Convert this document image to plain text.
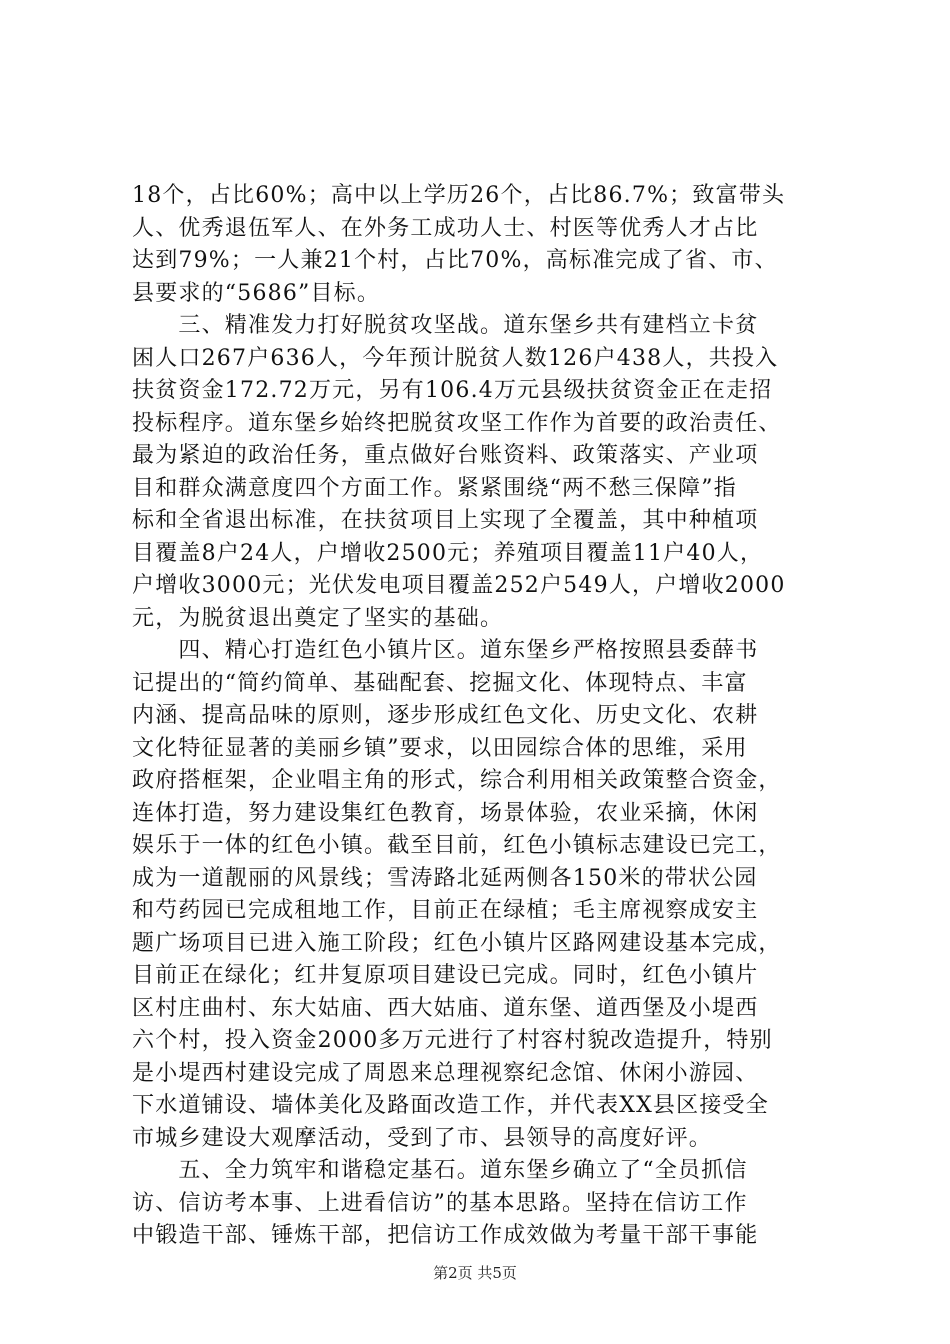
18个，占比60%；高中以上学历26个，占比86.7%；致富带头
人、优秀退伍军人、在外务工成功人士、村医等优秀人才占比
达到79%；一人兼21个村，占比70%，高标准完成了省、市、
县要求的“5686”目标。
　　三、精准发力打好脱贫攻坚战。道东堡乡共有建档立卡贫
困人口267户636人，今年预计脱贫人数126户438人，共投入
扶贫资金172.72万元，另有106.4万元县级扶贫资金正在走招
投标程序。道东堡乡始终把脱贫攻坚工作作为首要的政治责任、
最为紧迫的政治任务，重点做好台账资料、政策落实、产业项
目和群众满意度四个方面工作。紧紧围绕“两不愁三保障”指
标和全省退出标准，在扶贫项目上实现了全覆盖，其中种植项
目覆盖8户24人，户增收2500元；养殖项目覆盖11户40人，
户增收3000元；光伏发电项目覆盖252户549人，户增收2000
元，为脱贫退出奠定了坚实的基础。
　　四、精心打造红色小镇片区。道东堡乡严格按照县委薛书
记提出的“简约简单、基础配套、挖掘文化、体现特点、丰富
内涵、提高品味的原则，逐步形成红色文化、历史文化、农耕
文化特征显著的美丽乡镇”要求，以田园综合体的思维，采用
政府搭框架，企业唱主角的形式，综合利用相关政策整合资金，
连体打造，努力建设集红色教育，场景体验，农业采摘，休闲
娱乐于一体的红色小镇。截至目前，红色小镇标志建设已完工，
成为一道靓丽的风景线；雪涛路北延两侧各150米的带状公园
和芍药园已完成租地工作，目前正在绿植；毛主席视察成安主
题广场项目已进入施工阶段；红色小镇片区路网建设基本完成，
目前正在绿化；红井复原项目建设已完成。同时，红色小镇片
区村庄曲村、东大姑庙、西大姑庙、道东堡、道西堡及小堤西
六个村，投入资金2000多万元进行了村容村貌改造提升，特别
是小堤西村建设完成了周恩来总理视察纪念馆、休闲小游园、
下水道铺设、墙体美化及路面改造工作，并代表XX县区接受全
市城乡建设大观摩活动，受到了市、县领导的高度好评。
　　五、全力筑牢和谐稳定基石。道东堡乡确立了“全员抓信
访、信访考本事、上进看信访”的基本思路。坚持在信访工作
中锻造干部、锤炼干部，把信访工作成效做为考量干部干事能
第2页 共5页
